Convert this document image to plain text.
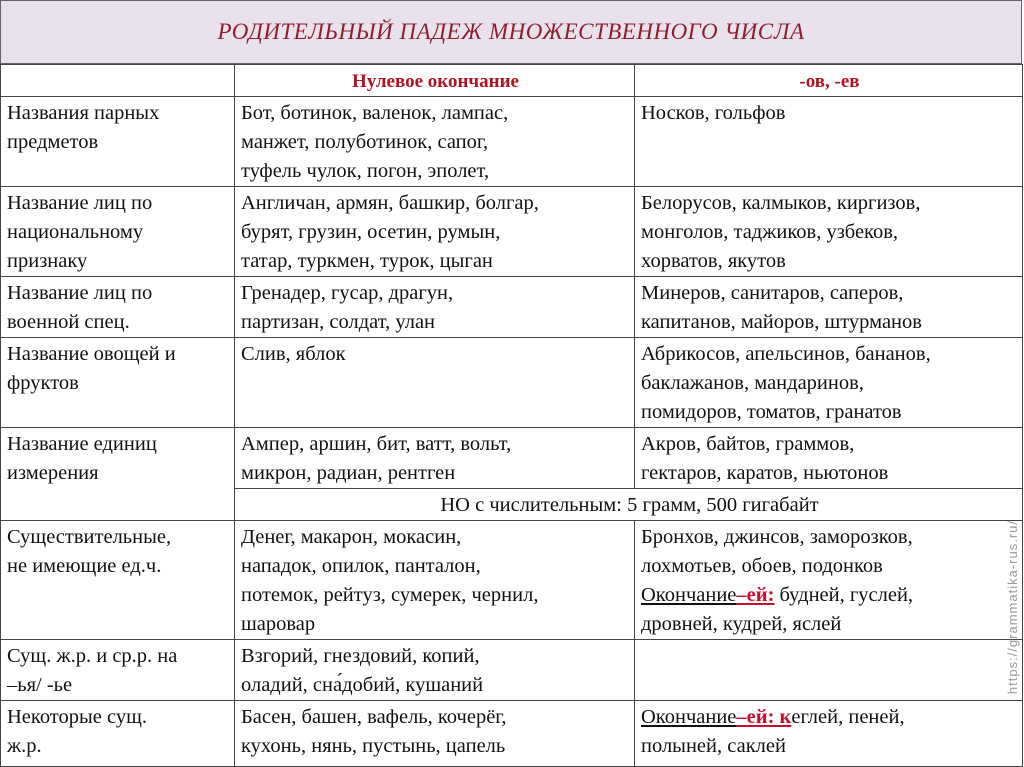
РОДИТЕЛЬНЫЙ ПАДЕЖ МНОЖЕСТВЕННОГО ЧИСЛА
	Нулевое окончание	-ов, -ев

Названия парных
предметов	Бот, ботинок, валенок, лампас,
манжет, полуботинок, сапог,
туфель чулок, погон, эполет,	Носков, гольфов

Название лиц по
национальному
признаку	Англичан, армян, башкир, болгар,
бурят, грузин, осетин, румын,
татар, туркмен, турок, цыган	Белорусов, калмыков, киргизов,
монголов, таджиков, узбеков,
хорватов, якутов

Название лиц по
военной спец.	Гренадер, гусар, драгун,
партизан, солдат, улан	Минеров, санитаров, саперов,
капитанов, майоров, штурманов

Название овощей и
фруктов	Слив, яблок	Абрикосов, апельсинов, бананов,
баклажанов, мандаринов,
помидоров, томатов, гранатов

Название единиц
измерения	Ампер, аршин, бит, ватт, вольт,
микрон, радиан, рентген	Акров, байтов, граммов,
гектаров, каратов, ньютонов

	НО с числительным: 5 грамм, 500 гигабайт	

Существительные,
не имеющие ед.ч.	Денег, макарон, мокасин,
нападок, опилок, панталон,
потемок, рейтуз, сумерек, чернил,
шаровар	Бронхов, джинсов, заморозков,
лохмотьев, обоев, подонков
Окончание–ей: будней, гуслей,
дровней, кудрей, яслей

Сущ. ж.р. и ср.р. на
–ья/ -ье	Взгорий, гнездовий, копий,
оладий, сна́добий, кушаний	

Некоторые сущ.
ж.р.	Басен, башен, вафель, кочерёг,
кухонь, нянь, пустынь, цапель	Окончание–ей: кеглей, пеней,
полыней, саклей
https://grammatika-rus.ru/
